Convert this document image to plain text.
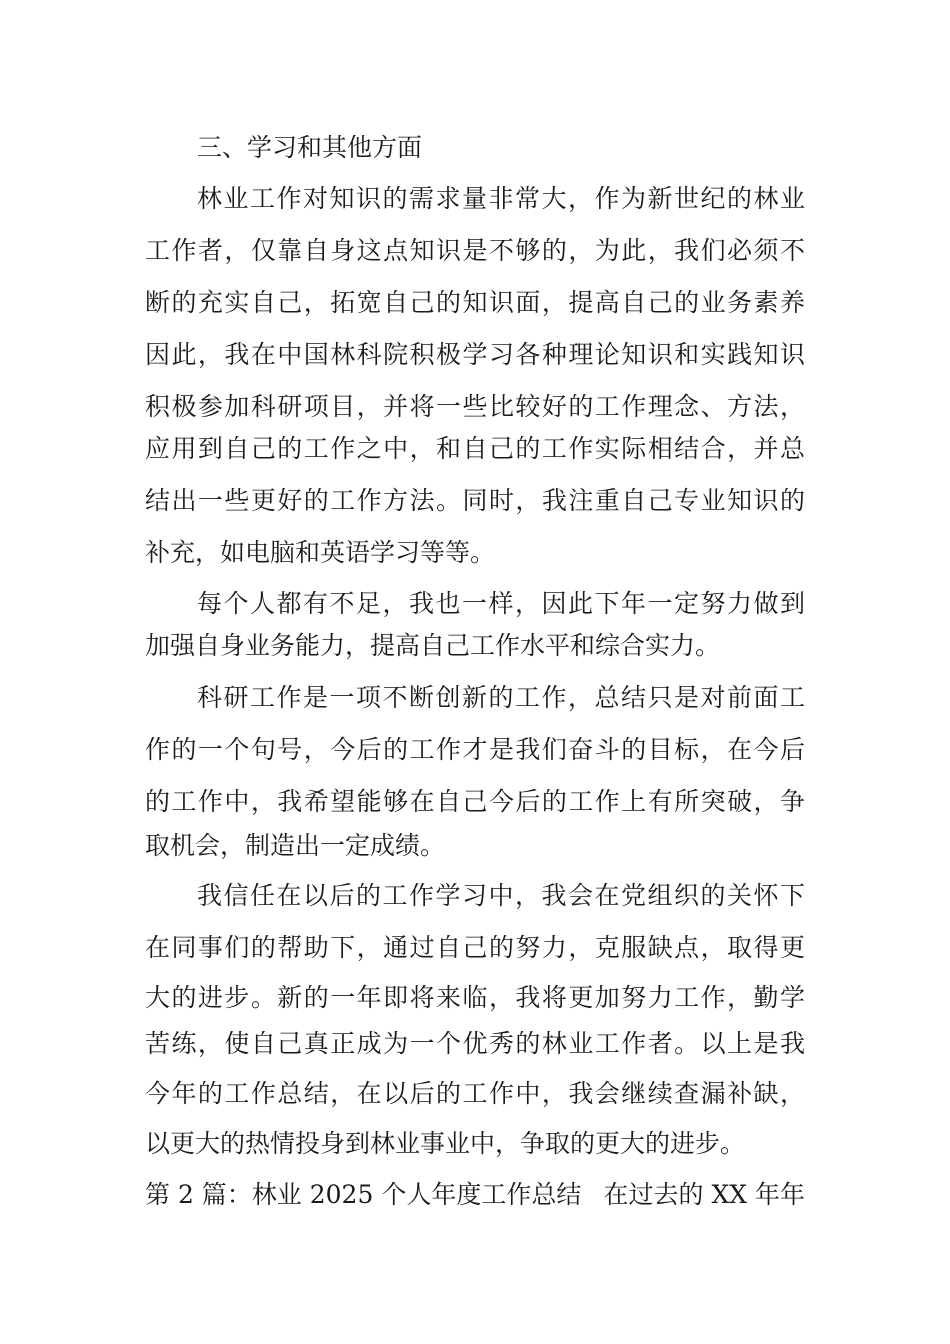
三、学习和其他方面
林业工作对知识的需求量非常大，作为新世纪的林业
工作者，仅靠自身这点知识是不够的，为此，我们必须不
断的充实自己，拓宽自己的知识面，提高自己的业务素养
因此，我在中国林科院积极学习各种理论知识和实践知识
积极参加科研项目，并将一些比较好的工作理念、方法，
应用到自己的工作之中，和自己的工作实际相结合，并总
结出一些更好的工作方法。同时，我注重自己专业知识的
补充，如电脑和英语学习等等。
每个人都有不足，我也一样，因此下年一定努力做到
加强自身业务能力，提高自己工作水平和综合实力。
科研工作是一项不断创新的工作，总结只是对前面工
作的一个句号，今后的工作才是我们奋斗的目标，在今后
的工作中，我希望能够在自己今后的工作上有所突破，争
取机会，制造出一定成绩。
我信任在以后的工作学习中，我会在党组织的关怀下
在同事们的帮助下，通过自己的努力，克服缺点，取得更
大的进步。新的一年即将来临，我将更加努力工作，勤学
苦练，使自己真正成为一个优秀的林业工作者。以上是我
今年的工作总结，在以后的工作中，我会继续查漏补缺，
以更大的热情投身到林业事业中，争取的更大的进步。
第 2 篇：林业 2025 个人年度工作总结 在过去的 XX 年年
